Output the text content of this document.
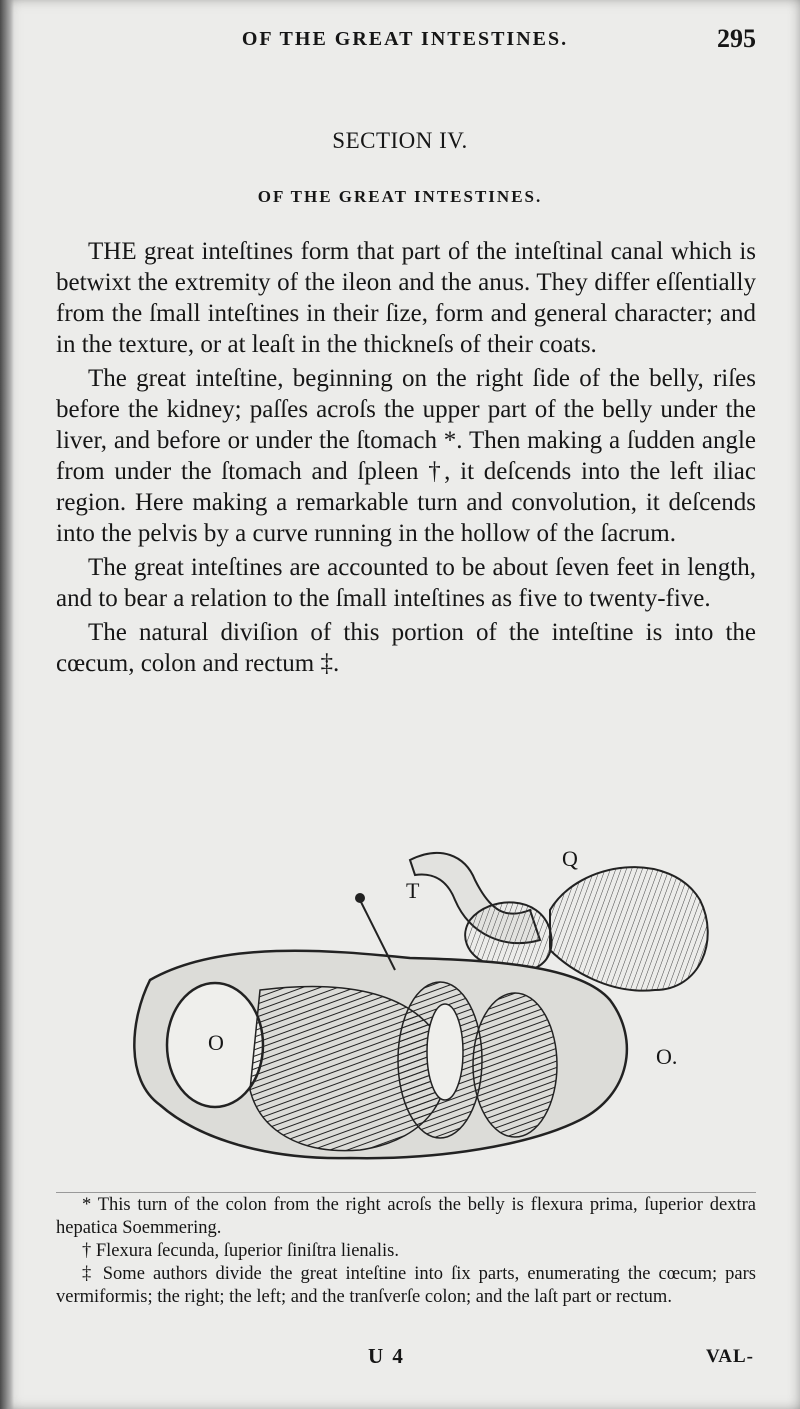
OF THE GREAT INTESTINES.	295
SECTION IV.
OF THE GREAT INTESTINES.

THE great inteſtines form that part of the inteſtinal canal which is betwixt the extremity of the ileon and the anus. They differ eſſentially from the ſmall inteſtines in their ſize, form and general character; and in the texture, or at leaſt in the thickneſs of their coats.

The great inteſtine, beginning on the right ſide of the belly, riſes before the kidney; paſſes acroſs the upper part of the belly under the liver, and before or under the ſtomach *. Then making a ſudden angle from under the ſtomach and ſpleen †, it deſcends into the left iliac region. Here making a remarkable turn and convolution, it deſcends into the pelvis by a curve running in the hollow of the ſacrum.

The great inteſtines are accounted to be about ſeven feet in length, and to bear a relation to the ſmall inteſtines as five to twenty-five.

The natural diviſion of this portion of the inteſtine is into the cœcum, colon and rectum ‡.

Q
T
O
O.

* This turn of the colon from the right acroſs the belly is flexura prima, ſuperior dextra hepatica Soemmering.

† Flexura ſecunda, ſuperior ſiniſtra lienalis.

‡ Some authors divide the great inteſtine into ſix parts, enumerating the cœcum; pars vermiformis; the right; the left; and the tranſverſe colon; and the laſt part or rectum.

U 4	VAL-
